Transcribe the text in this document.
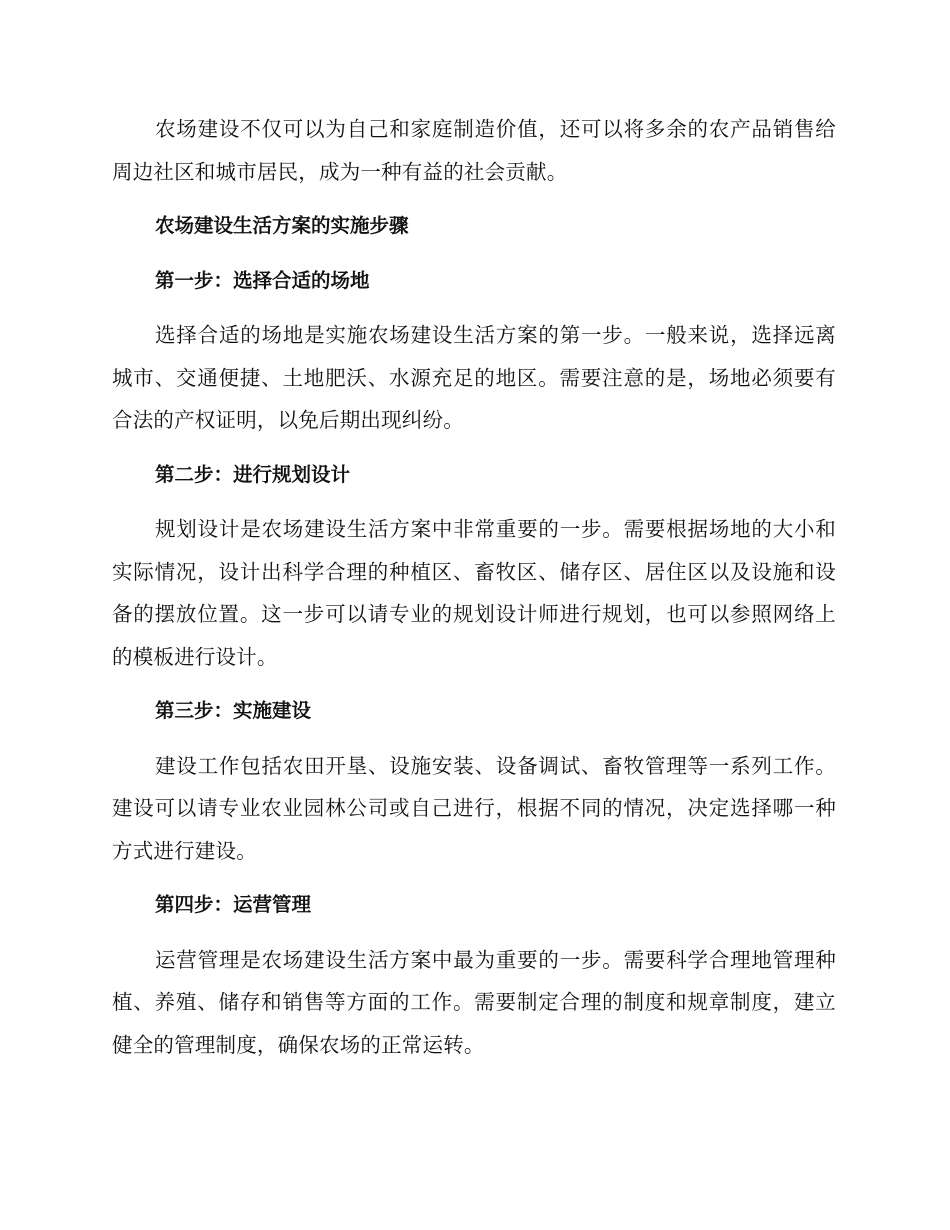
农场建设不仅可以为自己和家庭制造价值，还可以将多余的农产品销售给周边社区和城市居民，成为一种有益的社会贡献。

农场建设生活方案的实施步骤

第一步：选择合适的场地

选择合适的场地是实施农场建设生活方案的第一步。一般来说，选择远离城市、交通便捷、土地肥沃、水源充足的地区。需要注意的是，场地必须要有合法的产权证明，以免后期出现纠纷。

第二步：进行规划设计

规划设计是农场建设生活方案中非常重要的一步。需要根据场地的大小和实际情况，设计出科学合理的种植区、畜牧区、储存区、居住区以及设施和设备的摆放位置。这一步可以请专业的规划设计师进行规划，也可以参照网络上的模板进行设计。

第三步：实施建设

建设工作包括农田开垦、设施安装、设备调试、畜牧管理等一系列工作。建设可以请专业农业园林公司或自己进行，根据不同的情况，决定选择哪一种方式进行建设。

第四步：运营管理

运营管理是农场建设生活方案中最为重要的一步。需要科学合理地管理种植、养殖、储存和销售等方面的工作。需要制定合理的制度和规章制度，建立健全的管理制度，确保农场的正常运转。
